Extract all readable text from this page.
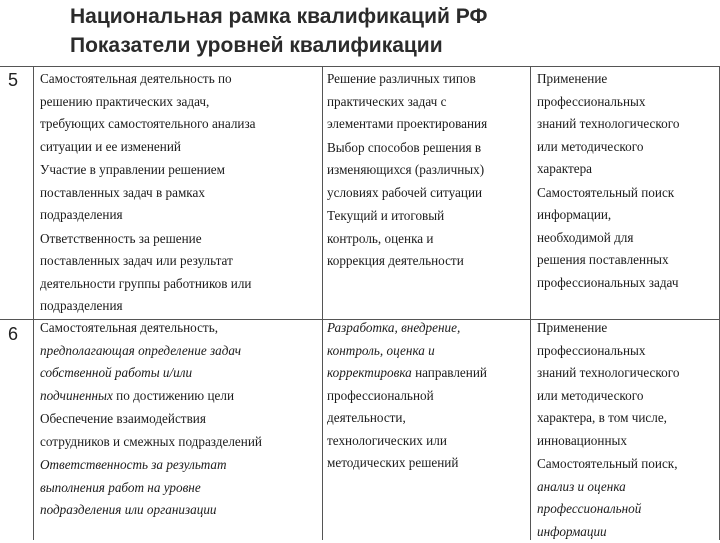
Национальная рамка квалификаций РФ
Показатели уровней квалификации
5 Самостоятельная деятельность по

решению практических задач,

требующих самостоятельного анализа

ситуации и ее изменений

Участие в управлении решением

поставленных задач в рамках

подразделения

Ответственность за решение

поставленных задач или результат

деятельности группы работников или

подразделения

Решение различных типов

практических задач с

элементами проектирования

Выбор способов решения в

изменяющихся (различных)

условиях рабочей ситуации

Текущий и итоговый

контроль, оценка и

коррекция деятельности

Применение

профессиональных

знаний технологического

или методического

характера

Самостоятельный поиск

информации,

необходимой для

решения поставленных

профессиональных задач

6 Самостоятельная деятельность,

предполагающая определение задач

собственной работы и/или

подчиненных по достижению цели

Обеспечение взаимодействия

сотрудников и смежных подразделений

Ответственность за результат

выполнения работ на уровне

подразделения или организации

Разработка, внедрение,

контроль, оценка и

корректировка направлений

профессиональной

деятельности,

технологических или

методических решений

Применение

профессиональных

знаний технологического

или методического

характера, в том числе,

инновационных

Самостоятельный поиск,

анализ и оценка

профессиональной

информации
